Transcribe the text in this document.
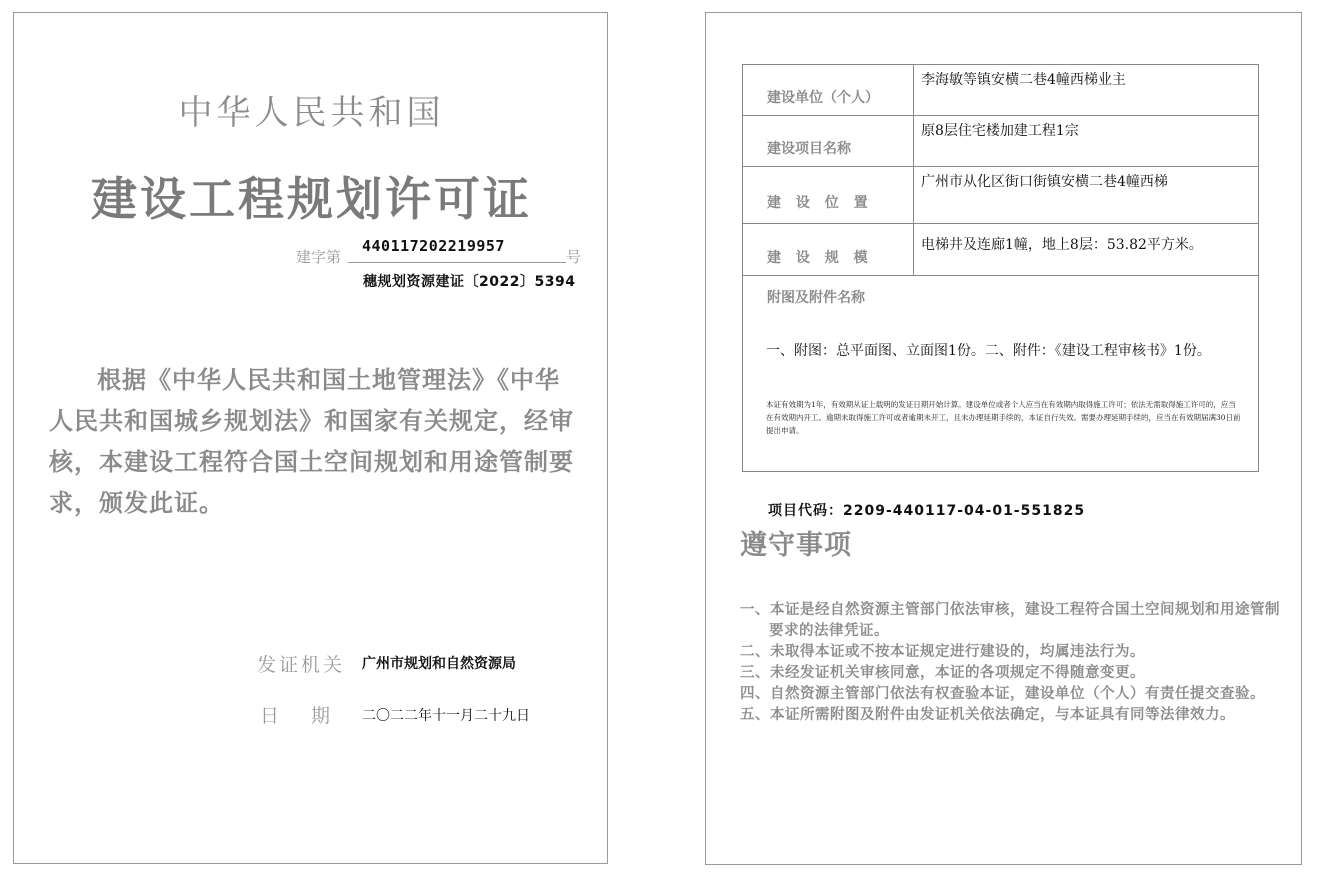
中华人民共和国
建设工程规划许可证
建字第
440117202219957
号
穗规划资源建证〔2022〕5394
根据《中华人民共和国土地管理法》《中华人民共和国城乡规划法》和国家有关规定，经审核，本建设工程符合国土空间规划和用途管制要求，颁发此证。
发证机关 广州市规划和自然资源局
日期 二〇二二年十一月二十九日
建设单位（个人）	李海敏等镇安横二巷4幢西梯业主
建设项目名称	原8层住宅楼加建工程1宗
建 设 位 置	广州市从化区街口街镇安横二巷4幢西梯
建 设 规 模	电梯井及连廊1幢，地上8层：53.82平方米。

附图及附件名称
一、附图：总平面图、立面图1份。二、附件：《建设工程审核书》1份。
本证有效期为1年，有效期从证上载明的发证日期开始计算。建设单位或者个人应当在有效期内取得施工许可；依法无需取得施工许可的，应当在有效期内开工。逾期未取得施工许可或者逾期未开工，且未办理延期手续的，本证自行失效。需要办理延期手续的，应当在有效期届满30日前提出申请。	
项目代码：2209-440117-04-01-551825
遵守事项
一、本证是经自然资源主管部门依法审核，建设工程符合国土空间规划和用途管制要求的法律凭证。
二、未取得本证或不按本证规定进行建设的，均属违法行为。
三、未经发证机关审核同意，本证的各项规定不得随意变更。
四、自然资源主管部门依法有权查验本证，建设单位（个人）有责任提交查验。
五、本证所需附图及附件由发证机关依法确定，与本证具有同等法律效力。
